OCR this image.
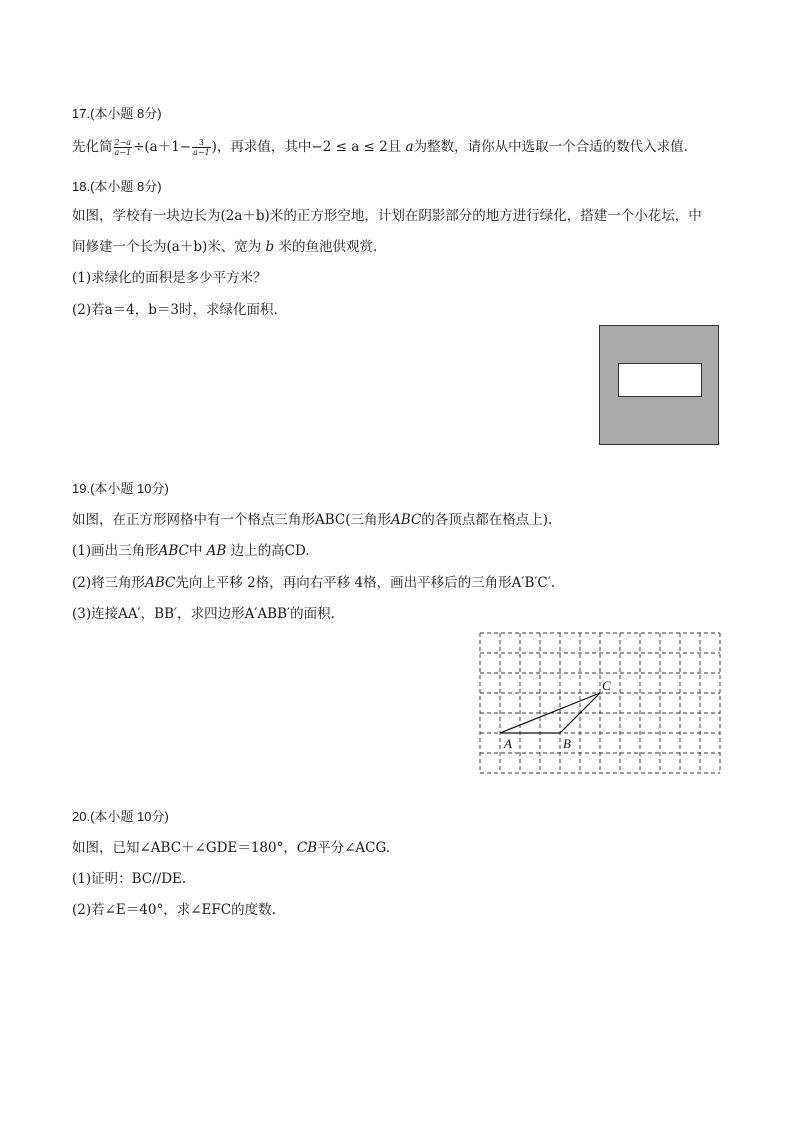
17.(本小题 8分)
先化简 $\frac{2-a}{a-1} \div(a+1- \frac{3}{a-1}$ )，再求值，其中−2 ≤ a ≤ 2且 a为整数，请你从中选取一个合适的数代入求值.
18.(本小题 8分)
如图，学校有一块边长为(2a＋b)米的正方形空地，计划在阴影部分的地方进行绿化，搭建一个小花坛，中
间修建一个长为(a＋b)米、宽为 b 米的鱼池供观赏.
(1)求绿化的面积是多少平方米？
(2)若a＝4，b＝3时，求绿化面积.
19.(本小题 10分)
如图，在正方形网格中有一个格点三角形ABC(三角形ABC的各顶点都在格点上).
(1)画出三角形ABC中 AB 边上的高CD.
(2)将三角形ABC先向上平移 2格，再向右平移 4格，画出平移后的三角形A′B′C′.
(3)连接AA′，BB′，求四边形A′ABB′的面积.
A	B
C
20.(本小题 10分)
如图，已知∠ABC＋∠GDE＝180°，CB平分∠ACG.
(1)证明：BC//DE.
(2)若∠E＝40°，求∠EFC的度数.
